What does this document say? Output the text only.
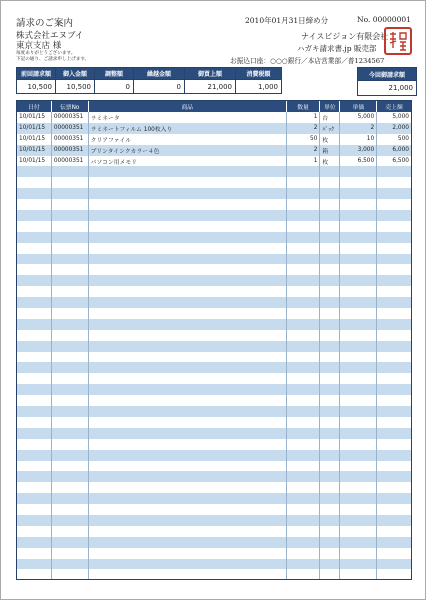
請求のご案内	2010年01月31日締め分	No. 00000001
株式会社エヌブイ
東京支店 様
毎度ありがとうございます。
下記の通り、ご請求申し上げます。
ナイスビジョン有限会社
ハガキ請求書.jp 販売部
お振込口座：○○○銀行／本店営業部／普1234567
前回請求額	御入金額	調整額	繰越金額	御買上額	消費税額
10,500	10,500	0	0	21,000	1,000
今回御請求額
21,000
日付	伝票No	商品	数量	単位	単価	売上額
10/01/15	00000351	ラミネータ	1 台	5,000	5,000
10/01/15	00000351	ラミネートフィルム 100枚入り	2 ﾊﾟｯｸ	2	2,000
10/01/15	00000351	クリアファイル	50 枚	10	500
10/01/15	00000351	プリンタインクカラー４色	2 箱	3,000	6,000
10/01/15	00000351	パソコン用メモリ	1 枚	6,500	6,500
